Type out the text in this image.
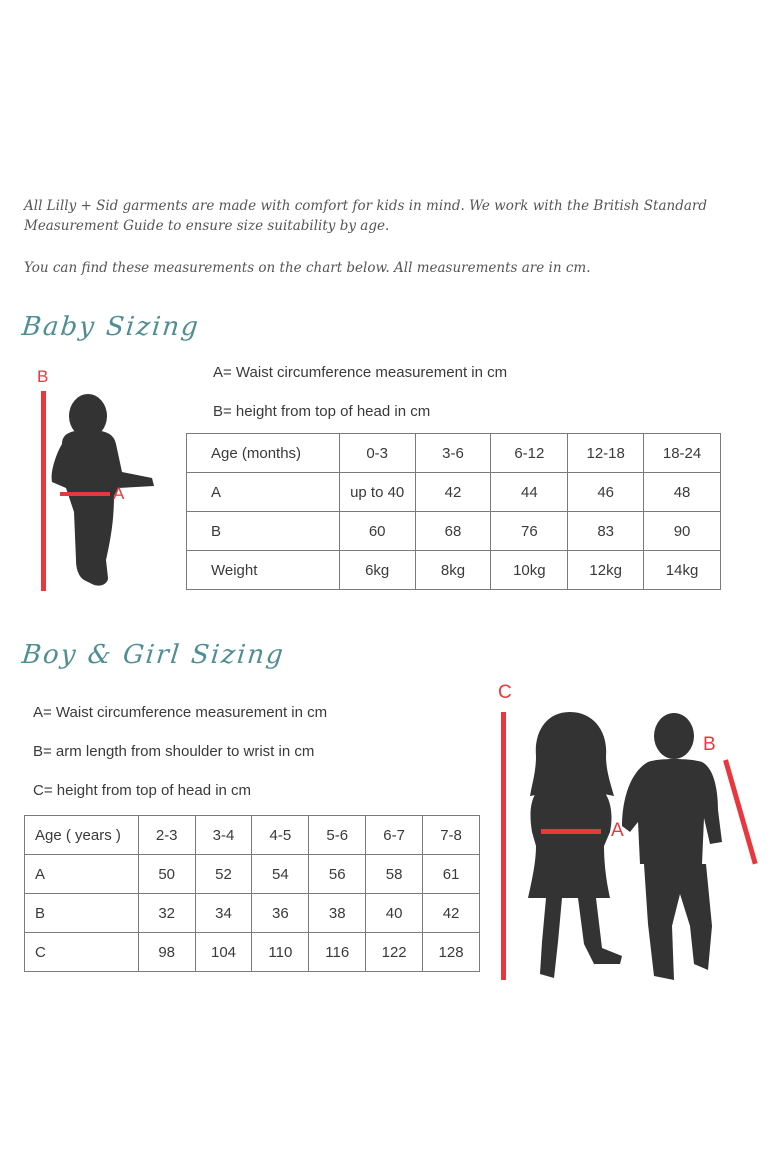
All Lilly + Sid garments are made with comfort for kids in mind. We work with the British Standard Measurement Guide to ensure size suitability by age.
You can find these measurements on the chart below. All measurements are in cm.
Baby Sizing
B
A
A= Waist circumference measurement in cm
B= height from top of head in cm
Age (months)	0-3	3-6	6-12	12-18	18-24
A	up to 40	42	44	46	48
B	60	68	76	83	90
Weight	6kg	8kg	10kg	12kg	14kg
Boy & Girl Sizing
A= Waist circumference measurement in cm
B= arm length from shoulder to wrist in cm
C= height from top of head in cm
Age ( years )	2-3	3-4	4-5	5-6	6-7	7-8
A	50	52	54	56	58	61
B	32	34	36	38	40	42
C	98	104	110	116	122	128
C
A
B
